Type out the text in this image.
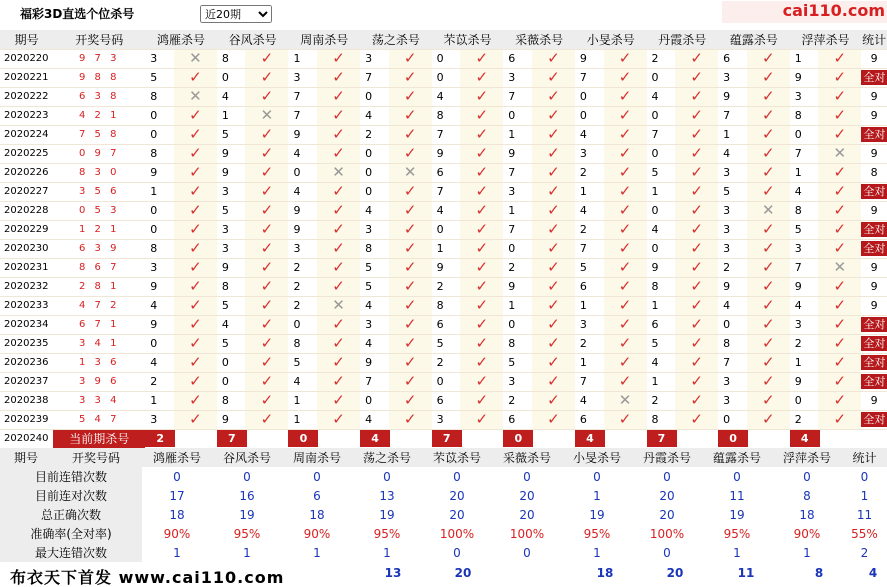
福彩3D直选个位杀号
近20期	cai110.com
期号	开奖号码	鸿雁杀号		谷风杀号		周南杀号		荡之杀号		芣苡杀号		采薇杀号		小旻杀号		丹霞杀号		蕴露杀号		浮萍杀号		统计
2020220	9 7 3	3	✕	8	✓	1	✓	3	✓	0	✓	6	✓	9	✓	2	✓	6	✓	1	✓	9
2020221	9 8 8	5	✓	0	✓	3	✓	7	✓	0	✓	3	✓	7	✓	0	✓	3	✓	9	✓	全对
2020222	6 3 8	8	✕	4	✓	7	✓	0	✓	4	✓	7	✓	0	✓	4	✓	9	✓	3	✓	9
2020223	4 2 1	0	✓	1	✕	7	✓	4	✓	8	✓	0	✓	0	✓	0	✓	7	✓	8	✓	9
2020224	7 5 8	0	✓	5	✓	9	✓	2	✓	7	✓	1	✓	4	✓	7	✓	1	✓	0	✓	全对
2020225	0 9 7	8	✓	9	✓	4	✓	0	✓	9	✓	9	✓	3	✓	0	✓	4	✓	7	✕	9
2020226	8 3 0	9	✓	9	✓	0	✕	0	✕	6	✓	7	✓	2	✓	5	✓	3	✓	1	✓	8
2020227	3 5 6	1	✓	3	✓	4	✓	0	✓	7	✓	3	✓	1	✓	1	✓	5	✓	4	✓	全对
2020228	0 5 3	0	✓	5	✓	9	✓	4	✓	4	✓	1	✓	4	✓	0	✓	3	✕	8	✓	9
2020229	1 2 1	0	✓	3	✓	9	✓	3	✓	0	✓	7	✓	2	✓	4	✓	3	✓	5	✓	全对
2020230	6 3 9	8	✓	3	✓	3	✓	8	✓	1	✓	0	✓	7	✓	0	✓	3	✓	3	✓	全对
2020231	8 6 7	3	✓	9	✓	2	✓	5	✓	9	✓	2	✓	5	✓	9	✓	2	✓	7	✕	9
2020232	2 8 1	9	✓	8	✓	2	✓	5	✓	2	✓	9	✓	6	✓	8	✓	9	✓	9	✓	9
2020233	4 7 2	4	✓	5	✓	2	✕	4	✓	8	✓	1	✓	1	✓	1	✓	4	✓	4	✓	9
2020234	6 7 1	9	✓	4	✓	0	✓	3	✓	6	✓	0	✓	3	✓	6	✓	0	✓	3	✓	全对
2020235	3 4 1	0	✓	5	✓	8	✓	4	✓	5	✓	8	✓	2	✓	5	✓	8	✓	2	✓	全对
2020236	1 3 6	4	✓	0	✓	5	✓	9	✓	2	✓	5	✓	1	✓	4	✓	7	✓	1	✓	全对
2020237	3 9 6	2	✓	0	✓	4	✓	7	✓	0	✓	3	✓	7	✓	1	✓	3	✓	9	✓	全对
2020238	3 3 4	1	✓	8	✓	1	✓	0	✓	6	✓	2	✓	4	✕	2	✓	3	✓	0	✓	9
2020239	5 4 7	3	✓	9	✓	1	✓	4	✓	3	✓	6	✓	6	✓	8	✓	0	✓	2	✓	全对
2020240	当前期杀号	2		7		0		4		7		0		4		7		0		4		
期号 开奖号码	鸿雁杀号	谷风杀号	周南杀号	荡之杀号	芣苡杀号	采薇杀号	小旻杀号	丹霞杀号	蕴露杀号	浮萍杀号	统计
目前连错次数	0	0	0	0	0	0	0	0	0	0	0
目前连对次数	17	16	6	13	20	20	1	20	11	8	1
总正确次数	18	19	18	19	20	20	19	20	19	18	11
准确率(全对率)	90%	95%	90%	95%	100%	100%	95%	100%	95%	90%	55%
最大连错次数	1	1	1	1	0	0	1	0	1	1	2
布衣天下首发 www.cai110.com	13	20	18	20	11	8	4
